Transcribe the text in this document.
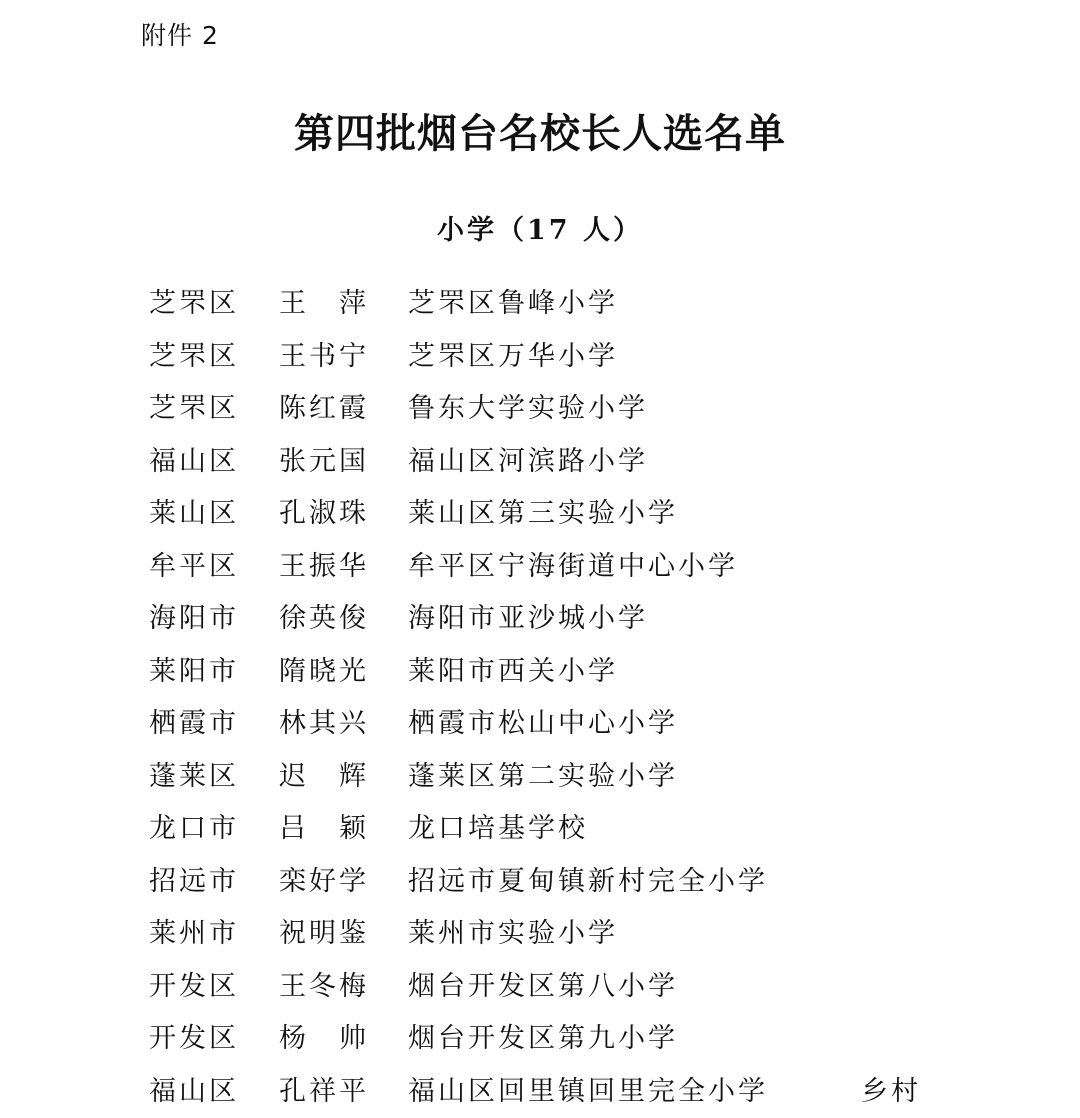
附件 2

第四批烟台名校长人选名单
小学（17 人）
芝罘区 王　萍 芝罘区鲁峰小学
芝罘区 王书宁 芝罘区万华小学
芝罘区 陈红霞 鲁东大学实验小学
福山区 张元国 福山区河滨路小学
莱山区 孔淑珠 莱山区第三实验小学
牟平区 王振华 牟平区宁海街道中心小学
海阳市 徐英俊 海阳市亚沙城小学
莱阳市 隋晓光 莱阳市西关小学
栖霞市 林其兴 栖霞市松山中心小学
蓬莱区 迟　辉 蓬莱区第二实验小学
龙口市 吕　颖 龙口培基学校
招远市 栾好学 招远市夏甸镇新村完全小学
莱州市 祝明鉴 莱州市实验小学
开发区 王冬梅 烟台开发区第八小学
开发区 杨　帅 烟台开发区第九小学
福山区 孔祥平 福山区回里镇回里完全小学	乡村
